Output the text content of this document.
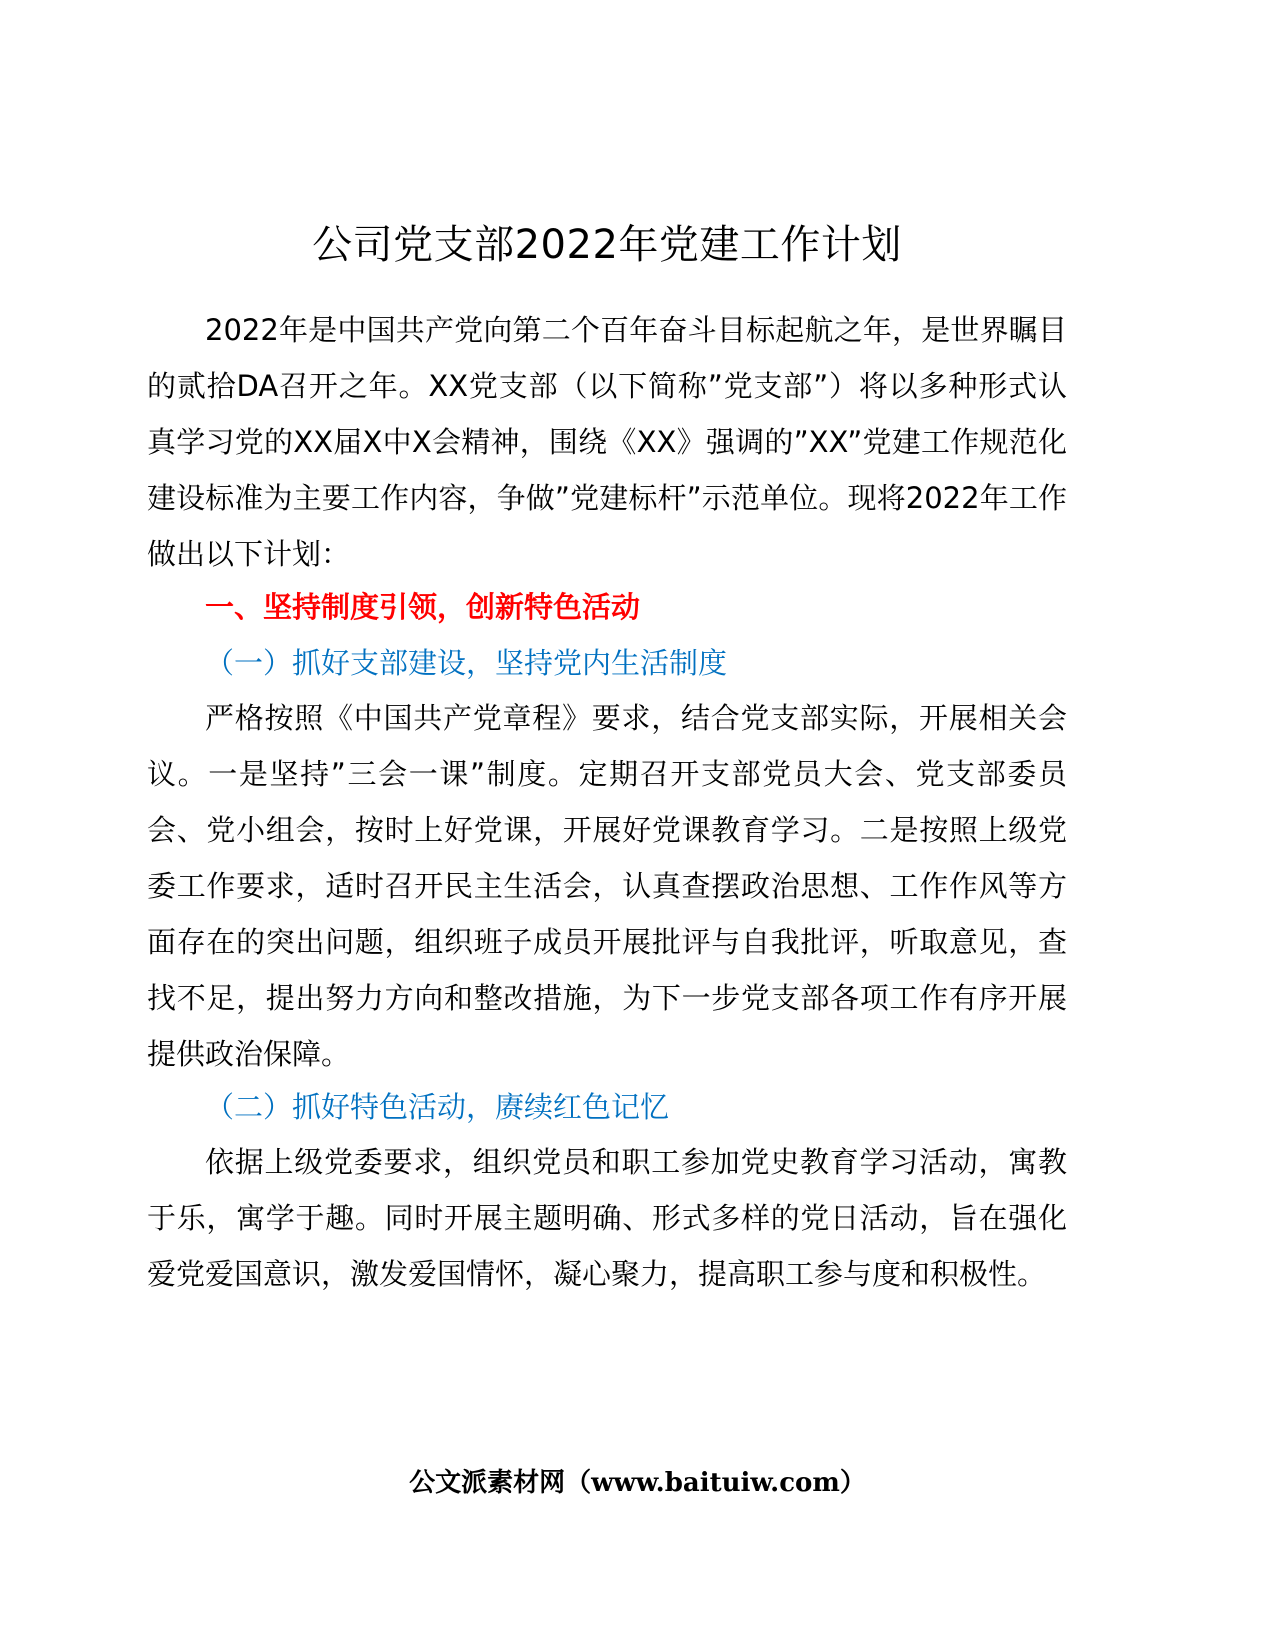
公司党支部2022年党建工作计划

2022年是中国共产党向第二个百年奋斗目标起航之年，是世界瞩目的贰拾DA召开之年。XX党支部（以下简称”党支部”）将以多种形式认真学习党的XX届X中X会精神，围绕《XX》强调的”XX”党建工作规范化建设标准为主要工作内容，争做”党建标杆”示范单位。现将2022年工作做出以下计划：

一、坚持制度引领，创新特色活动

（一）抓好支部建设，坚持党内生活制度

严格按照《中国共产党章程》要求，结合党支部实际，开展相关会议。一是坚持”三会一课”制度。定期召开支部党员大会、党支部委员会、党小组会，按时上好党课，开展好党课教育学习。二是按照上级党委工作要求，适时召开民主生活会，认真查摆政治思想、工作作风等方面存在的突出问题，组织班子成员开展批评与自我批评，听取意见，查找不足，提出努力方向和整改措施，为下一步党支部各项工作有序开展提供政治保障。

（二）抓好特色活动，赓续红色记忆

依据上级党委要求，组织党员和职工参加党史教育学习活动，寓教于乐，寓学于趣。同时开展主题明确、形式多样的党日活动，旨在强化爱党爱国意识，激发爱国情怀，凝心聚力，提高职工参与度和积极性。

公文派素材网（www.baituiw.com）
